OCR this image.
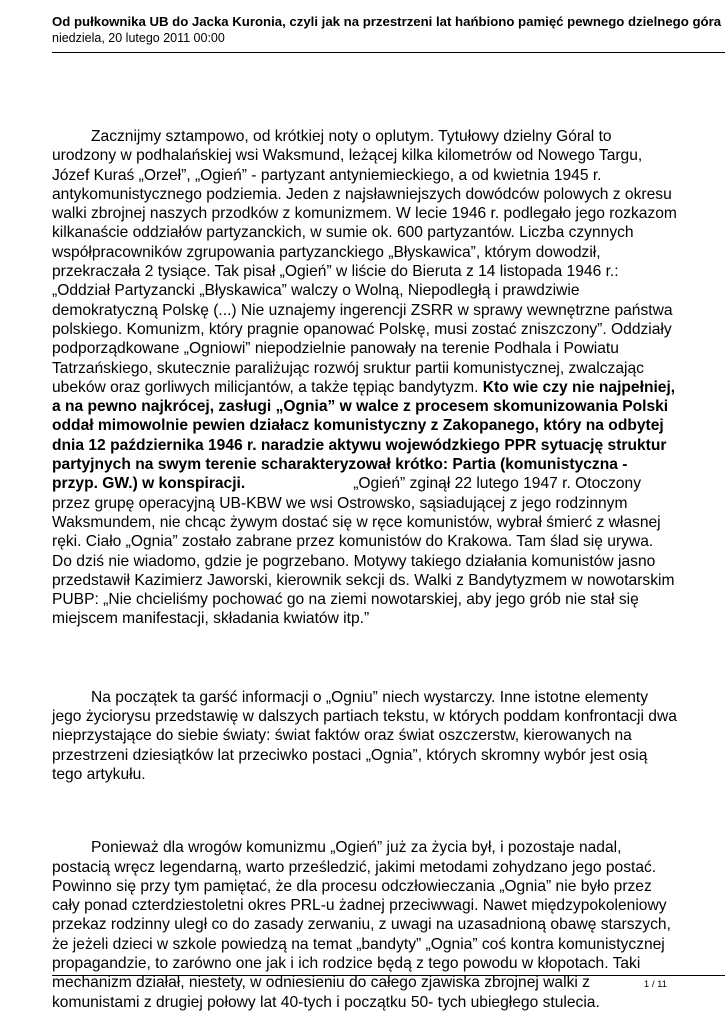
Od pułkownika UB do Jacka Kuronia, czyli jak na przestrzeni lat hańbiono pamięć pewnego dzielnego góra
niedziela, 20 lutego 2011 00:00

Zacznijmy sztampowo, od krótkiej noty o oplutym. Tytułowy dzielny Góral to urodzony w podhalańskiej wsi Waksmund, leżącej kilka kilometrów od Nowego Targu, Józef Kuraś „Orzeł”, „Ogień” - partyzant antyniemieckiego, a od kwietnia 1945 r. antykomunistycznego podziemia. Jeden z najsławniejszych dowódców polowych z okresu walki zbrojnej naszych przodków z komunizmem. W lecie 1946 r. podlegało jego rozkazom kilkanaście oddziałów partyzanckich, w sumie ok. 600 partyzantów. Liczba czynnych współpracowników zgrupowania partyzanckiego „Błyskawica”, którym dowodził, przekraczała 2 tysiące. Tak pisał „Ogień” w liście do Bieruta z 14 listopada 1946 r.: „Oddział Partyzancki „Błyskawica” walczy o Wolną, Niepodległą i prawdziwie demokratyczną Polskę (...) Nie uznajemy ingerencji ZSRR w sprawy wewnętrzne państwa polskiego. Komunizm, który pragnie opanować Polskę, musi zostać zniszczony”. Oddziały podporządkowane „Ogniowi” niepodzielnie panowały na terenie Podhala i Powiatu Tatrzańskiego, skutecznie paraliżując rozwój sruktur partii komunistycznej, zwalczając ubeków oraz gorliwych milicjantów, a także tępiąc bandytyzm. Kto wie czy nie najpełniej, a na pewno najkrócej, zasługi „Ognia” w walce z procesem skomunizowania Polski oddał mimowolnie pewien działacz komunistyczny z Zakopanego, który na odbytej dnia 12 października 1946 r. naradzie aktywu wojewódzkiego PPR sytuację struktur partyjnych na swym terenie scharakteryzował krótko: Partia (komunistyczna - przyp. GW.) w konspiracji.	„Ogień” zginął 22 lutego 1947 r. Otoczony przez grupę operacyjną UB-KBW we wsi Ostrowsko, sąsiadującej z jego rodzinnym Waksmundem, nie chcąc żywym dostać się w ręce komunistów, wybrał śmierć z własnej ręki. Ciało „Ognia” zostało zabrane przez komunistów do Krakowa. Tam ślad się urywa. Do dziś nie wiadomo, gdzie je pogrzebano. Motywy takiego działania komunistów jasno przedstawił Kazimierz Jaworski, kierownik sekcji ds. Walki z Bandytyzmem w nowotarskim PUBP: „Nie chcieliśmy pochować go na ziemi nowotarskiej, aby jego grób nie stał się miejscem manifestacji, składania kwiatów itp.”

Na początek ta garść informacji o „Ogniu” niech wystarczy. Inne istotne elementy jego życiorysu przedstawię w dalszych partiach tekstu, w których poddam konfrontacji dwa nieprzystające do siebie światy: świat faktów oraz świat oszczerstw, kierowanych na przestrzeni dziesiątków lat przeciwko postaci „Ognia”, których skromny wybór jest osią tego artykułu.

Ponieważ dla wrogów komunizmu „Ogień” już za życia był, i pozostaje nadal, postacią wręcz legendarną, warto prześledzić, jakimi metodami zohydzano jego postać. Powinno się przy tym pamiętać, że dla procesu odczłowieczania „Ognia” nie było przez cały ponad czterdziestoletni okres PRL-u żadnej przeciwwagi. Nawet międzypokoleniowy przekaz rodzinny uległ co do zasady zerwaniu, z uwagi na uzasadnioną obawę starszych, że jeżeli dzieci w szkole powiedzą na temat „bandyty” „Ognia” coś kontra komunistycznej propagandzie, to zarówno one jak i ich rodzice będą z tego powodu w kłopotach. Taki mechanizm działał, niestety, w odniesieniu do całego zjawiska zbrojnej walki z komunistami z drugiej połowy lat 40-tych i początku 50- tych ubiegłego stulecia.

1 / 11
